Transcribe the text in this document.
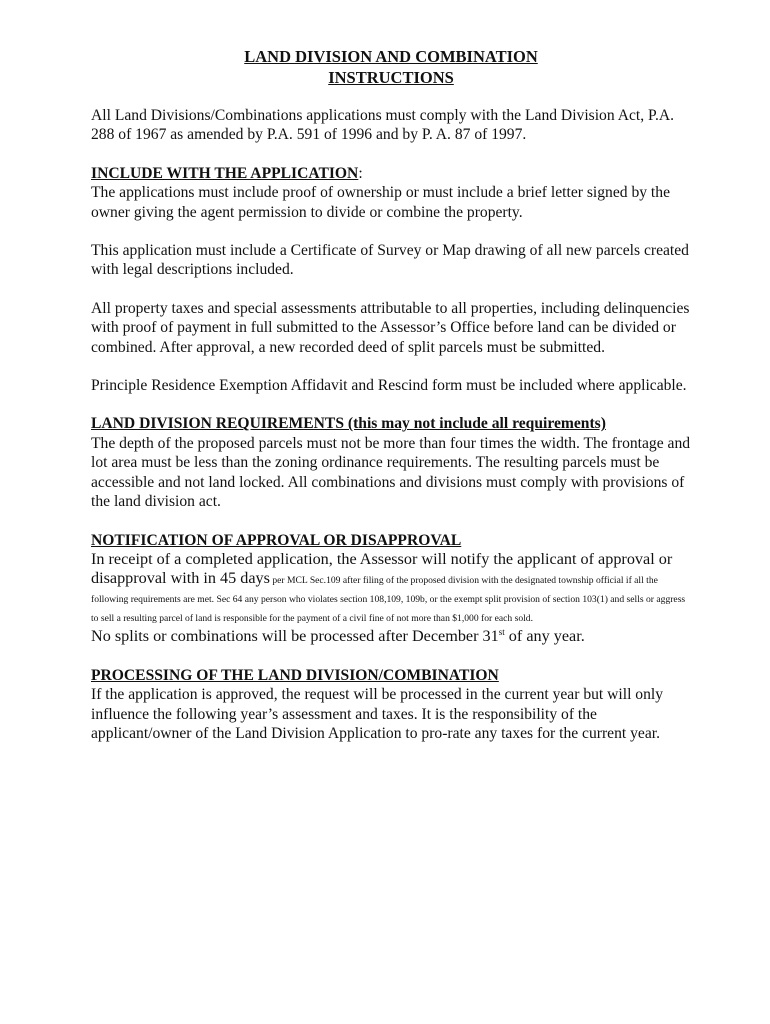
LAND DIVISION AND COMBINATION
INSTRUCTIONS

All Land Divisions/Combinations applications must comply with the Land Division Act, P.A. 288 of 1967 as amended by P.A. 591 of 1996 and by P. A. 87 of 1997.

INCLUDE WITH THE APPLICATION:

The applications must include proof of ownership or must include a brief letter signed by the owner giving the agent permission to divide or combine the property.

This application must include a Certificate of Survey or Map drawing of all new parcels created with legal descriptions included.

All property taxes and special assessments attributable to all properties, including delinquencies with proof of payment in full submitted to the Assessor’s Office before land can be divided or combined. After approval, a new recorded deed of split parcels must be submitted.

Principle Residence Exemption Affidavit and Rescind form must be included where applicable.

LAND DIVISION REQUIREMENTS (this may not include all requirements)

The depth of the proposed parcels must not be more than four times the width. The frontage and lot area must be less than the zoning ordinance requirements. The resulting parcels must be accessible and not land locked. All combinations and divisions must comply with provisions of the land division act.

NOTIFICATION OF APPROVAL OR DISAPPROVAL

In receipt of a completed application, the Assessor will notify the applicant of approval or disapproval with in 45 days per MCL Sec.109 after filing of the proposed division with the designated township official if all the following requirements are met. Sec 64 any person who violates section 108,109, 109b, or the exempt split provision of section 103(1) and sells or aggress to sell a resulting parcel of land is responsible for the payment of a civil fine of not more than $1,000 for each sold.

No splits or combinations will be processed after December 31st of any year.

PROCESSING OF THE LAND DIVISION/COMBINATION

If the application is approved, the request will be processed in the current year but will only influence the following year’s assessment and taxes. It is the responsibility of the applicant/owner of the Land Division Application to pro-rate any taxes for the current year.
